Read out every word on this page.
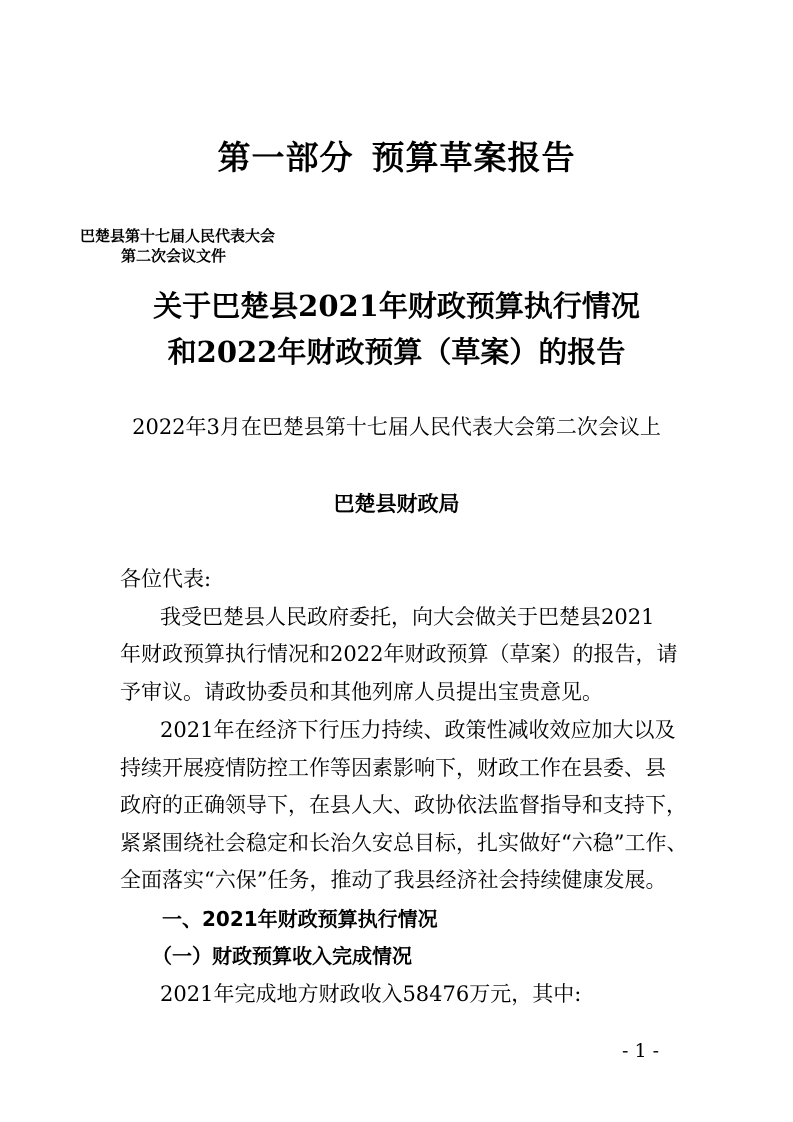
第一部分 预算草案报告
巴楚县第十七届人民代表大会
第二次会议文件
关于巴楚县2021年财政预算执行情况
和2022年财政预算（草案）的报告
2022年3月在巴楚县第十七届人民代表大会第二次会议上
巴楚县财政局
各位代表:
我受巴楚县人民政府委托，向大会做关于巴楚县2021
年财政预算执行情况和2022年财政预算（草案）的报告，请
予审议。请政协委员和其他列席人员提出宝贵意见。
2021年在经济下行压力持续、政策性减收效应加大以及
持续开展疫情防控工作等因素影响下，财政工作在县委、县
政府的正确领导下，在县人大、政协依法监督指导和支持下，
紧紧围绕社会稳定和长治久安总目标，扎实做好“六稳”工作、
全面落实“六保”任务，推动了我县经济社会持续健康发展。
一、2021年财政预算执行情况
（一）财政预算收入完成情况
2021年完成地方财政收入58476万元，其中:
- 1 -
